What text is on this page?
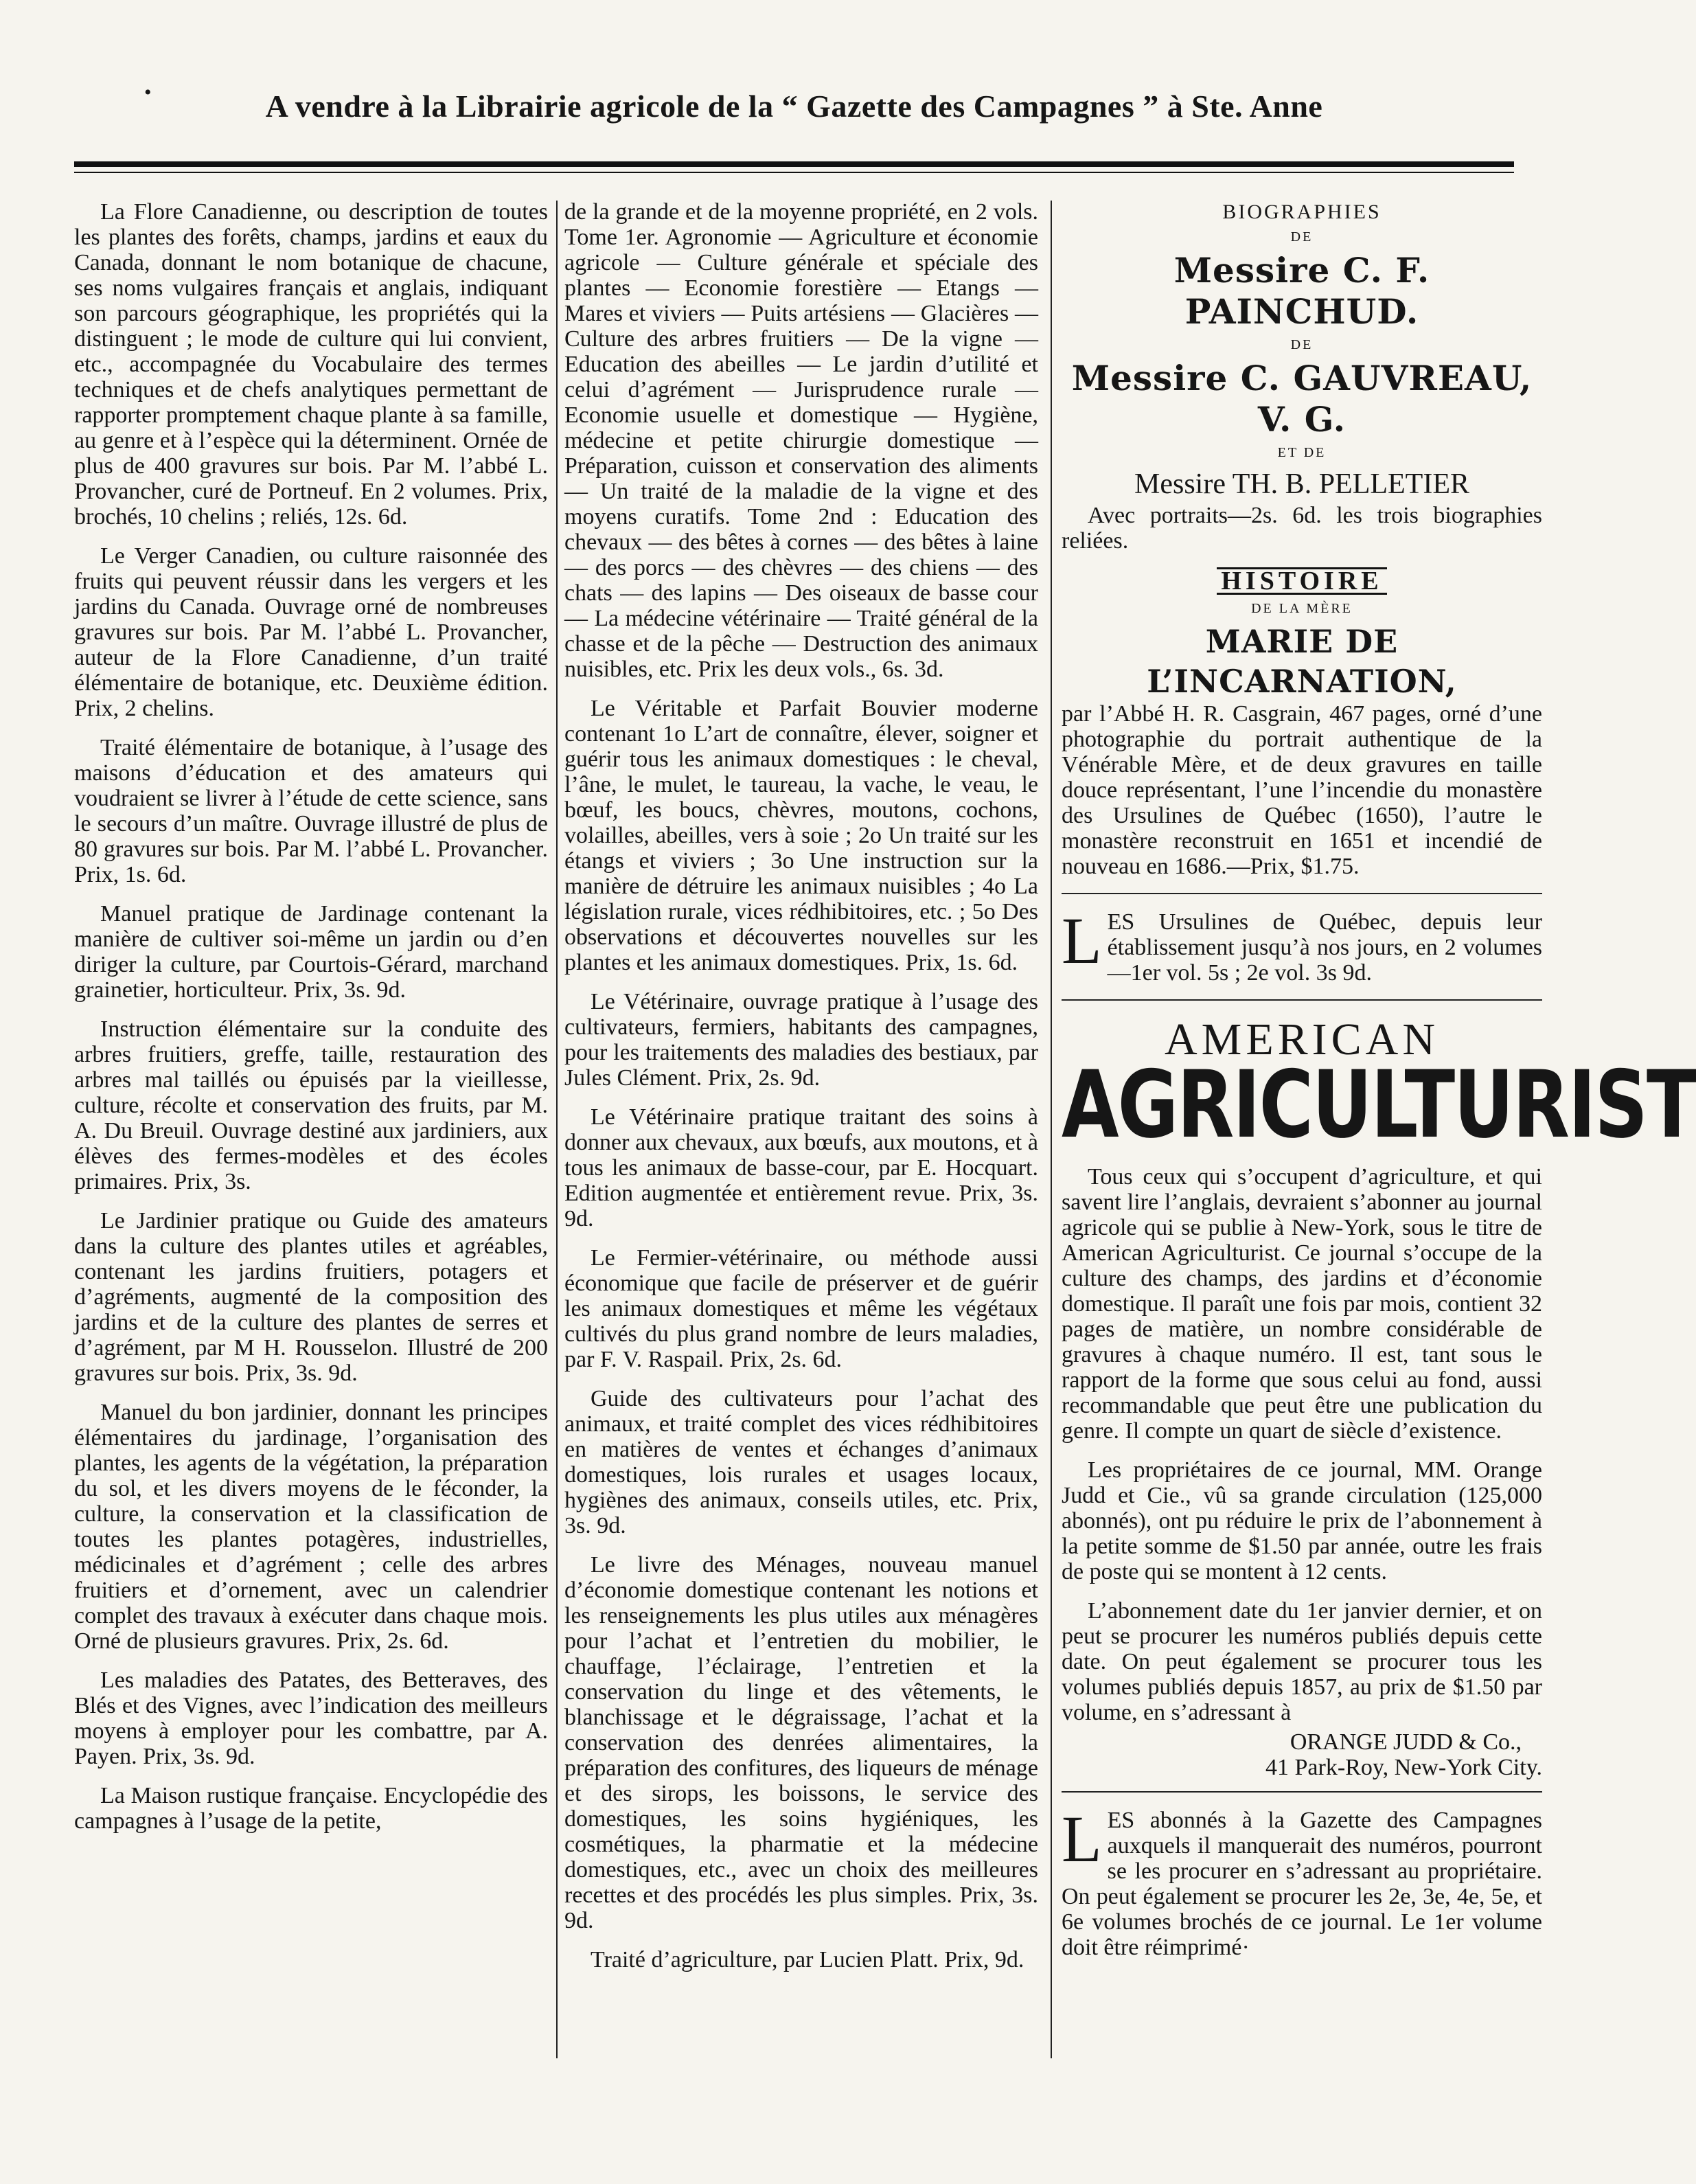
•	A vendre à la Librairie agricole de la “ Gazette des Campagnes ” à Ste. Anne

La Flore Canadienne, ou description de toutes les plantes des forêts, champs, jardins et eaux du Canada, donnant le nom botanique de chacune, ses noms vulgaires français et anglais, indiquant son parcours géographique, les propriétés qui la distinguent ; le mode de culture qui lui convient, etc., accompagnée du Vocabulaire des termes techniques et de chefs analytiques permettant de rapporter promptement chaque plante à sa famille, au genre et à l’espèce qui la déterminent. Ornée de plus de 400 gravures sur bois. Par M. l’abbé L. Provancher, curé de Portneuf. En 2 volumes. Prix, brochés, 10 chelins ; reliés, 12s. 6d.

Le Verger Canadien, ou culture raisonnée des fruits qui peuvent réussir dans les vergers et les jardins du Canada. Ouvrage orné de nombreuses gravures sur bois. Par M. l’abbé L. Provancher, auteur de la Flore Canadienne, d’un traité élémentaire de botanique, etc. Deuxième édition. Prix, 2 chelins.

Traité élémentaire de botanique, à l’usage des maisons d’éducation et des amateurs qui voudraient se livrer à l’étude de cette science, sans le secours d’un maître. Ouvrage illustré de plus de 80 gravures sur bois. Par M. l’abbé L. Provancher. Prix, 1s. 6d.

Manuel pratique de Jardinage contenant la manière de cultiver soi-même un jardin ou d’en diriger la culture, par Courtois-Gérard, marchand grainetier, horticulteur. Prix, 3s. 9d.

Instruction élémentaire sur la conduite des arbres fruitiers, greffe, taille, restauration des arbres mal taillés ou épuisés par la vieillesse, culture, récolte et conservation des fruits, par M. A. Du Breuil. Ouvrage destiné aux jardiniers, aux élèves des fermes-modèles et des écoles primaires. Prix, 3s.

Le Jardinier pratique ou Guide des amateurs dans la culture des plantes utiles et agréables, contenant les jardins fruitiers, potagers et d’agréments, augmenté de la composition des jardins et de la culture des plantes de serres et d’agrément, par M H. Rousselon. Illustré de 200 gravures sur bois. Prix, 3s. 9d.

Manuel du bon jardinier, donnant les principes élémentaires du jardinage, l’organisation des plantes, les agents de la végétation, la préparation du sol, et les divers moyens de le féconder, la culture, la conservation et la classification de toutes les plantes potagères, industrielles, médicinales et d’agrément ; celle des arbres fruitiers et d’ornement, avec un calendrier complet des travaux à exécuter dans chaque mois. Orné de plusieurs gravures. Prix, 2s. 6d.

Les maladies des Patates, des Betteraves, des Blés et des Vignes, avec l’indication des meilleurs moyens à employer pour les combattre, par A. Payen. Prix, 3s. 9d.

La Maison rustique française. Encyclopédie des campagnes à l’usage de la petite,

de la grande et de la moyenne propriété, en 2 vols. Tome 1er. Agronomie — Agriculture et économie agricole — Culture générale et spéciale des plantes — Economie forestière — Etangs — Mares et viviers — Puits artésiens — Glacières — Culture des arbres fruitiers — De la vigne — Education des abeilles — Le jardin d’utilité et celui d’agrément — Jurisprudence rurale — Economie usuelle et domestique — Hygiène, médecine et petite chirurgie domestique — Préparation, cuisson et conservation des aliments — Un traité de la maladie de la vigne et des moyens curatifs. Tome 2nd : Education des chevaux — des bêtes à cornes — des bêtes à laine — des porcs — des chèvres — des chiens — des chats — des lapins — Des oiseaux de basse cour — La médecine vétérinaire — Traité général de la chasse et de la pêche — Destruction des animaux nuisibles, etc. Prix les deux vols., 6s. 3d.

Le Véritable et Parfait Bouvier moderne contenant 1o L’art de connaître, élever, soigner et guérir tous les animaux domestiques : le cheval, l’âne, le mulet, le taureau, la vache, le veau, le bœuf, les boucs, chèvres, moutons, cochons, volailles, abeilles, vers à soie ; 2o Un traité sur les étangs et viviers ; 3o Une instruction sur la manière de détruire les animaux nuisibles ; 4o La législation rurale, vices rédhibitoires, etc. ; 5o Des observations et découvertes nouvelles sur les plantes et les animaux domestiques. Prix, 1s. 6d.

Le Vétérinaire, ouvrage pratique à l’usage des cultivateurs, fermiers, habitants des campagnes, pour les traitements des maladies des bestiaux, par Jules Clément. Prix, 2s. 9d.

Le Vétérinaire pratique traitant des soins à donner aux chevaux, aux bœufs, aux moutons, et à tous les animaux de basse-cour, par E. Hocquart. Edition augmentée et entièrement revue. Prix, 3s. 9d.

Le Fermier-vétérinaire, ou méthode aussi économique que facile de préserver et de guérir les animaux domestiques et même les végétaux cultivés du plus grand nombre de leurs maladies, par F. V. Raspail. Prix, 2s. 6d.

Guide des cultivateurs pour l’achat des animaux, et traité complet des vices rédhibitoires en matières de ventes et échanges d’animaux domestiques, lois rurales et usages locaux, hygiènes des animaux, conseils utiles, etc. Prix, 3s. 9d.

Le livre des Ménages, nouveau manuel d’économie domestique contenant les notions et les renseignements les plus utiles aux ménagères pour l’achat et l’entretien du mobilier, le chauffage, l’éclairage, l’entretien et la conservation du linge et des vêtements, le blanchissage et le dégraissage, l’achat et la conservation des denrées alimentaires, la préparation des confitures, des liqueurs de ménage et des sirops, les boissons, le service des domestiques, les soins hygiéniques, les cosmétiques, la pharmatie et la médecine domestiques, etc., avec un choix des meilleures recettes et des procédés les plus simples. Prix, 3s. 9d.

Traité d’agriculture, par Lucien Platt. Prix, 9d.

BIOGRAPHIES

DE

Messire C. F. PAINCHUD.

DE

Messire C. GAUVREAU, V. G.

ET DE

Messire TH. B. PELLETIER

Avec portraits—2s. 6d. les trois biographies reliées.

HISTOIRE

DE LA MÈRE

MARIE DE L’INCARNATION,

par l’Abbé H. R. Casgrain, 467 pages, orné d’une photographie du portrait authentique de la Vénérable Mère, et de deux gravures en taille douce représentant, l’une l’incendie du monastère des Ursulines de Québec (1650), l’autre le monastère reconstruit en 1651 et incendié de nouveau en 1686.—Prix, $1.75.

LES Ursulines de Québec, depuis leur établissement jusqu’à nos jours, en 2 volumes—1er vol. 5s ; 2e vol. 3s 9d.

AMERICAN

AGRICULTURIST

Tous ceux qui s’occupent d’agriculture, et qui savent lire l’anglais, devraient s’abonner au journal agricole qui se publie à New-York, sous le titre de American Agriculturist. Ce journal s’occupe de la culture des champs, des jardins et d’économie domestique. Il paraît une fois par mois, contient 32 pages de matière, un nombre considérable de gravures à chaque numéro. Il est, tant sous le rapport de la forme que sous celui au fond, aussi recommandable que peut être une publication du genre. Il compte un quart de siècle d’existence.

Les propriétaires de ce journal, MM. Orange Judd et Cie., vû sa grande circulation (125,000 abonnés), ont pu réduire le prix de l’abonnement à la petite somme de $1.50 par année, outre les frais de poste qui se montent à 12 cents.

L’abonnement date du 1er janvier dernier, et on peut se procurer les numéros publiés depuis cette date. On peut également se procurer tous les volumes publiés depuis 1857, au prix de $1.50 par volume, en s’adressant à

ORANGE JUDD & Co.,

41 Park-Roy, New-York City.

LES abonnés à la Gazette des Campagnes auxquels il manquerait des numéros, pourront se les procurer en s’adressant au propriétaire. On peut également se procurer les 2e, 3e, 4e, 5e, et 6e volumes brochés de ce journal. Le 1er volume doit être réimprimé·
